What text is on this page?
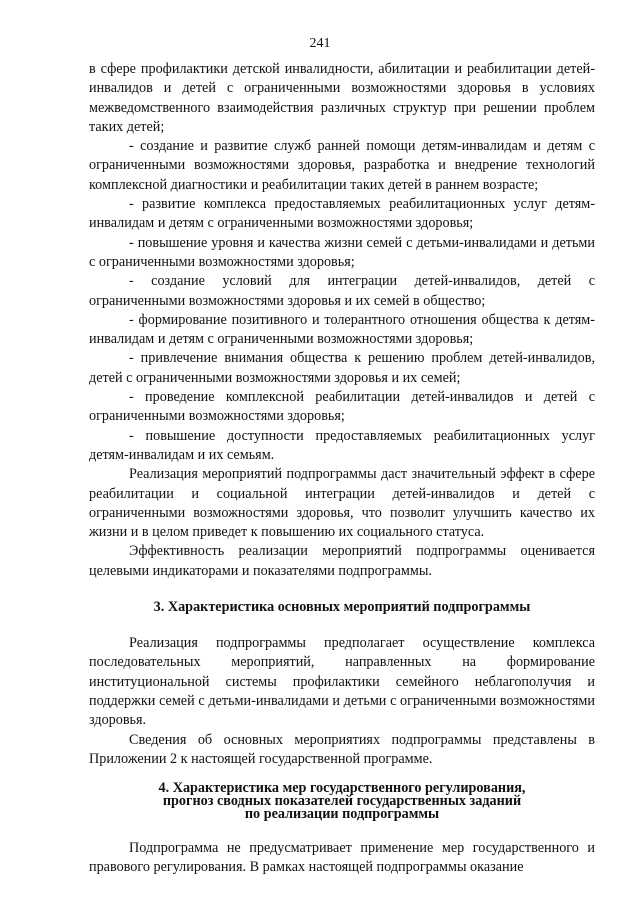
241

в сфере профилактики детской инвалидности, абилитации и реабилитации детей-инвалидов и детей с ограниченными возможностями здоровья в условиях межведомственного взаимодействия различных структур при решении проблем таких детей;

- создание и развитие служб ранней помощи детям-инвалидам и детям с ограниченными возможностями здоровья, разработка и внедрение технологий комплексной диагностики и реабилитации таких детей в раннем возрасте;

- развитие комплекса предоставляемых реабилитационных услуг детям-инвалидам и детям с ограниченными возможностями здоровья;

- повышение уровня и качества жизни семей с детьми-инвалидами и детьми с ограниченными возможностями здоровья;

- создание условий для интеграции детей-инвалидов, детей с ограниченными возможностями здоровья и их семей в общество;

- формирование позитивного и толерантного отношения общества к детям-инвалидам и детям с ограниченными возможностями здоровья;

- привлечение внимания общества к решению проблем детей-инвалидов, детей с ограниченными возможностями здоровья и их семей;

- проведение комплексной реабилитации детей-инвалидов и детей с ограниченными возможностями здоровья;

- повышение доступности предоставляемых реабилитационных услуг детям-инвалидам и их семьям.

Реализация мероприятий подпрограммы даст значительный эффект в сфере реабилитации и социальной интеграции детей-инвалидов и детей с ограниченными возможностями здоровья, что позволит улучшить качество их жизни и в целом приведет к повышению их социального статуса.

Эффективность реализации мероприятий подпрограммы оценивается целевыми индикаторами и показателями подпрограммы.

3. Характеристика основных мероприятий подпрограммы

Реализация подпрограммы предполагает осуществление комплекса последовательных мероприятий, направленных на формирование институциональной системы профилактики семейного неблагополучия и поддержки семей с детьми-инвалидами и детьми с ограниченными возможностями здоровья.

Сведения об основных мероприятиях подпрограммы представлены в Приложении 2 к настоящей государственной программе.

4. Характеристика мер государственного регулирования,
прогноз сводных показателей государственных заданий
по реализации подпрограммы

Подпрограмма не предусматривает применение мер государственного и правового регулирования. В рамках настоящей подпрограммы оказание
